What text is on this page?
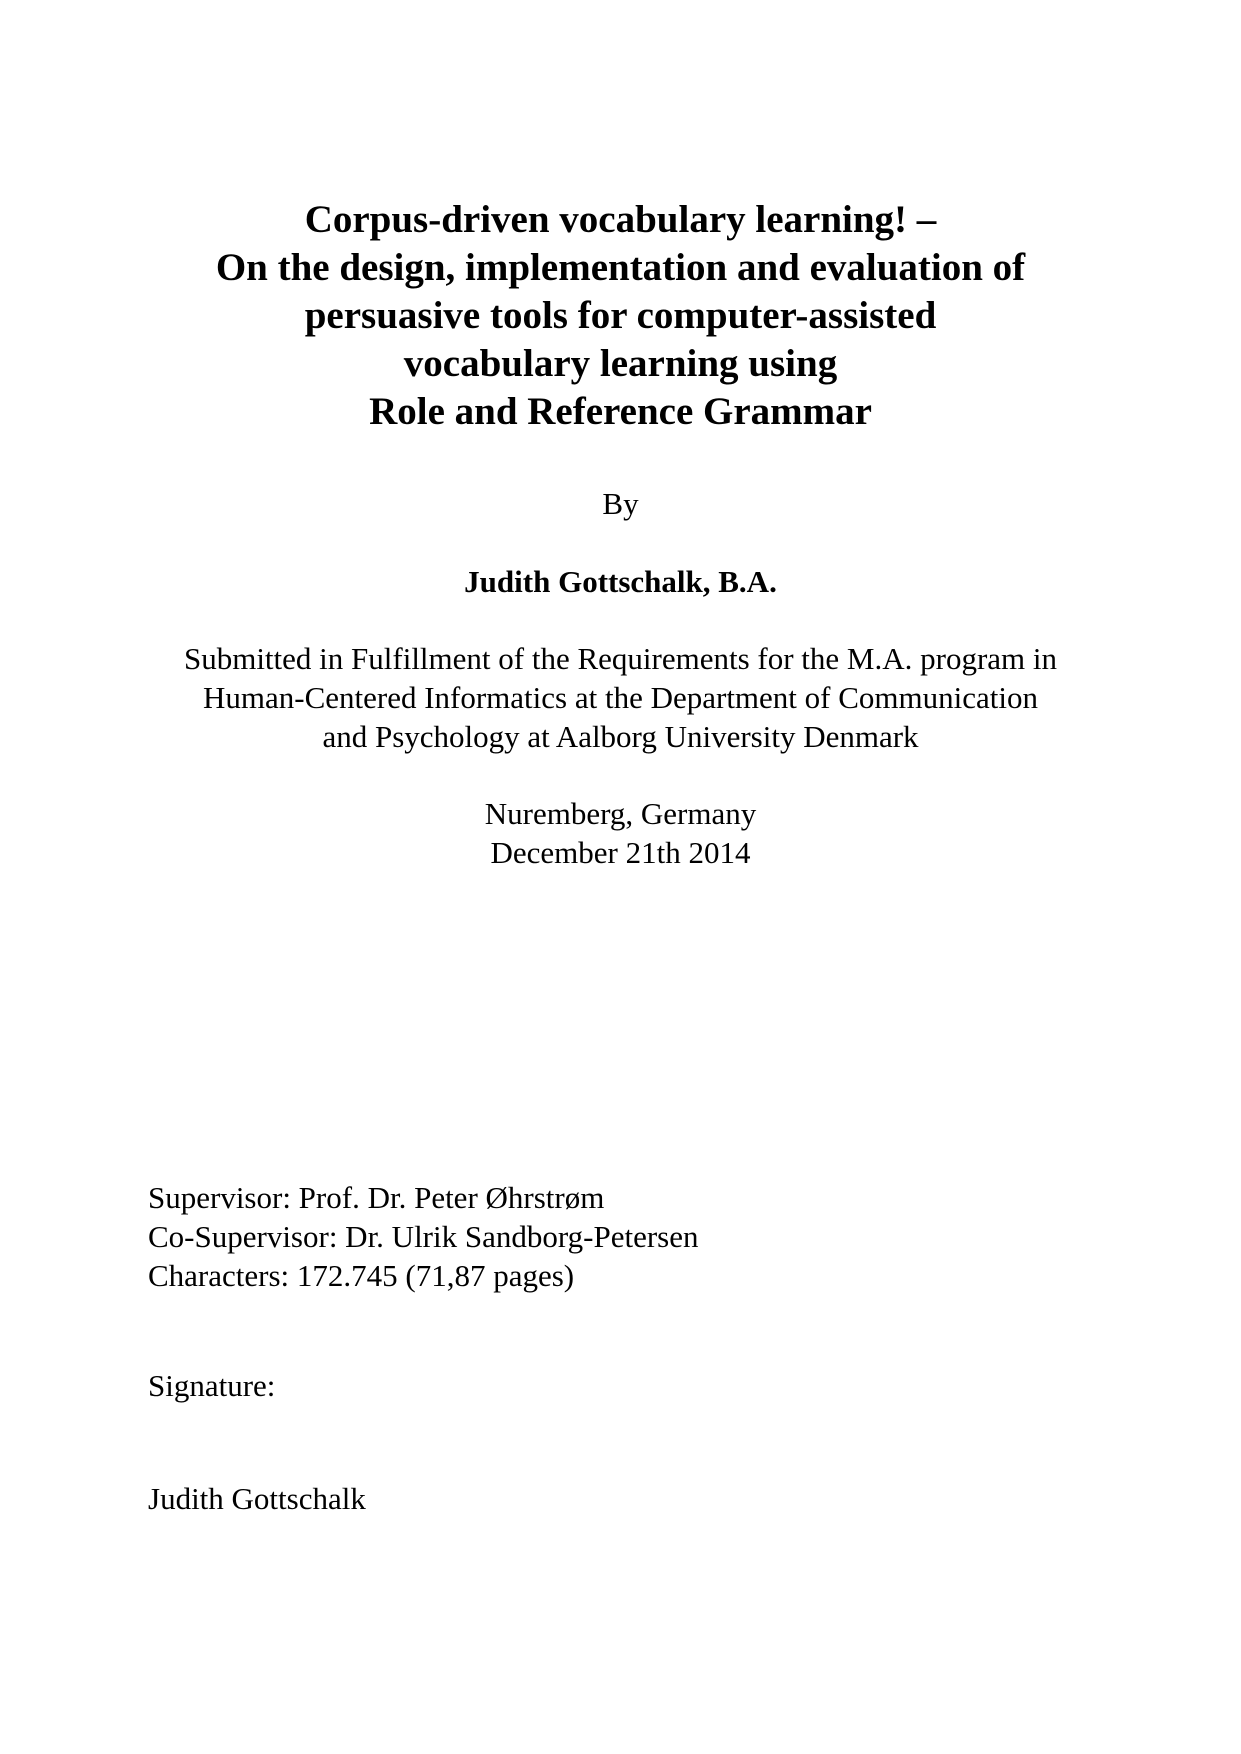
Corpus-driven vocabulary learning! –
On the design, implementation and evaluation of
persuasive tools for computer-assisted
vocabulary learning using
Role and Reference Grammar
By
Judith Gottschalk, B.A.
Submitted in Fulfillment of the Requirements for the M.A. program in
Human-Centered Informatics at the Department of Communication
and Psychology at Aalborg University Denmark
Nuremberg, Germany
December 21th 2014
Supervisor: Prof. Dr. Peter Øhrstrøm
Co-Supervisor: Dr. Ulrik Sandborg-Petersen
Characters: 172.745 (71,87 pages)
Signature:
Judith Gottschalk
